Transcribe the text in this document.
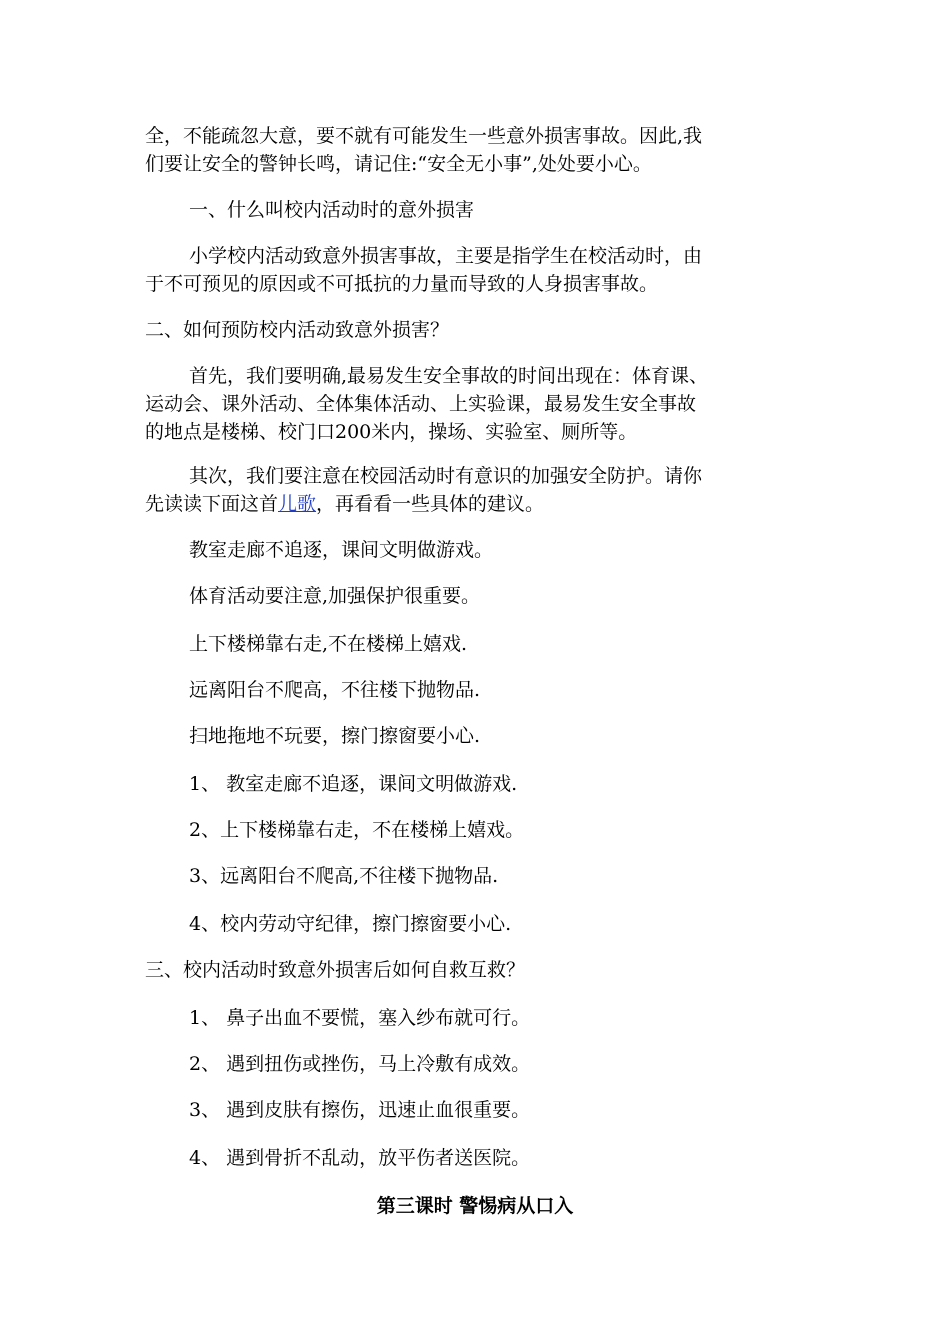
全，不能疏忽大意，要不就有可能发生一些意外损害事故。因此,我

们要让安全的警钟长鸣，请记住:“安全无小事”,处处要小心。

一、什么叫校内活动时的意外损害

小学校内活动致意外损害事故，主要是指学生在校活动时，由

于不可预见的原因或不可抵抗的力量而导致的人身损害事故。

二、如何预防校内活动致意外损害？

首先，我们要明确,最易发生安全事故的时间出现在：体育课、

运动会、课外活动、全体集体活动、上实验课，最易发生安全事故

的地点是楼梯、校门口200米内，操场、实验室、厕所等。

其次，我们要注意在校园活动时有意识的加强安全防护。请你

先读读下面这首儿歌，再看看一些具体的建议。

教室走廊不追逐，课间文明做游戏。

体育活动要注意,加强保护很重要。

上下楼梯靠右走,不在楼梯上嬉戏.

远离阳台不爬高，不往楼下抛物品.

扫地拖地不玩要，擦门擦窗要小心.

1、 教室走廊不追逐，课间文明做游戏.

2、上下楼梯靠右走，不在楼梯上嬉戏。

3、远离阳台不爬高,不往楼下抛物品.

4、校内劳动守纪律，擦门擦窗要小心.

三、校内活动时致意外损害后如何自救互救？

1、 鼻子出血不要慌，塞入纱布就可行。

2、 遇到扭伤或挫伤，马上冷敷有成效。

3、 遇到皮肤有擦伤，迅速止血很重要。

4、 遇到骨折不乱动，放平伤者送医院。

第三课时 警惕病从口入
